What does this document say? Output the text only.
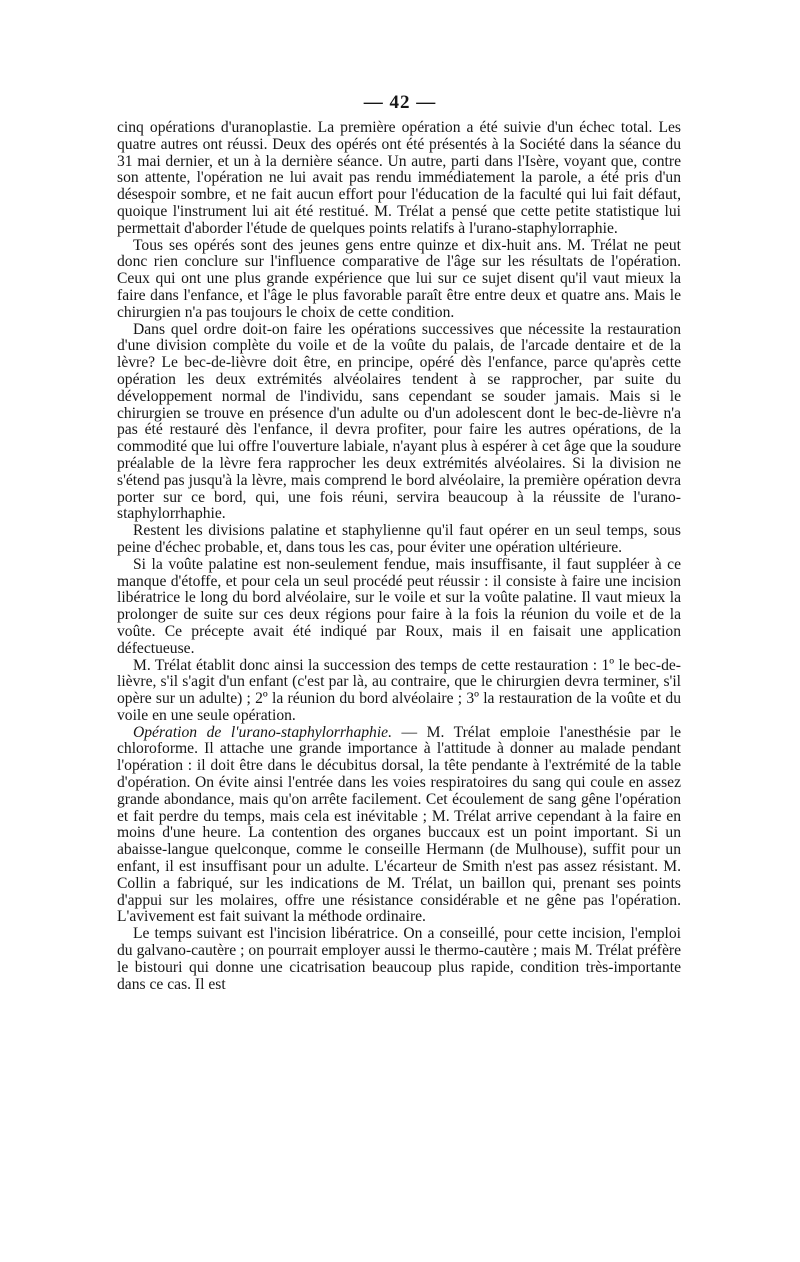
— 42 —

cinq opérations d'uranoplastie. La première opération a été suivie d'un échec total. Les quatre autres ont réussi. Deux des opérés ont été présentés à la Société dans la séance du 31 mai dernier, et un à la dernière séance. Un autre, parti dans l'Isère, voyant que, contre son attente, l'opération ne lui avait pas rendu immédiatement la parole, a été pris d'un désespoir sombre, et ne fait aucun effort pour l'éducation de la faculté qui lui fait défaut, quoique l'instrument lui ait été restitué. M. Trélat a pensé que cette petite statistique lui permettait d'aborder l'étude de quelques points relatifs à l'urano-staphylorraphie.

Tous ses opérés sont des jeunes gens entre quinze et dix-huit ans. M. Trélat ne peut donc rien conclure sur l'influence comparative de l'âge sur les résultats de l'opération. Ceux qui ont une plus grande expérience que lui sur ce sujet disent qu'il vaut mieux la faire dans l'enfance, et l'âge le plus favorable paraît être entre deux et quatre ans. Mais le chirurgien n'a pas toujours le choix de cette condition.

Dans quel ordre doit-on faire les opérations successives que nécessite la restauration d'une division complète du voile et de la voûte du palais, de l'arcade dentaire et de la lèvre? Le bec-de-lièvre doit être, en principe, opéré dès l'enfance, parce qu'après cette opération les deux extrémités alvéolaires tendent à se rapprocher, par suite du développement normal de l'individu, sans cependant se souder jamais. Mais si le chirurgien se trouve en présence d'un adulte ou d'un adolescent dont le bec-de-lièvre n'a pas été restauré dès l'enfance, il devra profiter, pour faire les autres opérations, de la commodité que lui offre l'ouverture labiale, n'ayant plus à espérer à cet âge que la soudure préalable de la lèvre fera rapprocher les deux extrémités alvéolaires. Si la division ne s'étend pas jusqu'à la lèvre, mais comprend le bord alvéolaire, la première opération devra porter sur ce bord, qui, une fois réuni, servira beaucoup à la réussite de l'urano-staphylorrhaphie.

Restent les divisions palatine et staphylienne qu'il faut opérer en un seul temps, sous peine d'échec probable, et, dans tous les cas, pour éviter une opération ultérieure.

Si la voûte palatine est non-seulement fendue, mais insuffisante, il faut suppléer à ce manque d'étoffe, et pour cela un seul procédé peut réussir : il consiste à faire une incision libératrice le long du bord alvéolaire, sur le voile et sur la voûte palatine. Il vaut mieux la prolonger de suite sur ces deux régions pour faire à la fois la réunion du voile et de la voûte. Ce précepte avait été indiqué par Roux, mais il en faisait une application défectueuse.

M. Trélat établit donc ainsi la succession des temps de cette restauration : 1º le bec-de-lièvre, s'il s'agit d'un enfant (c'est par là, au contraire, que le chirurgien devra terminer, s'il opère sur un adulte) ; 2º la réunion du bord alvéolaire ; 3º la restauration de la voûte et du voile en une seule opération.

Opération de l'urano-staphylorrhaphie. — M. Trélat emploie l'anesthésie par le chloroforme. Il attache une grande importance à l'attitude à donner au malade pendant l'opération : il doit être dans le décubitus dorsal, la tête pendante à l'extrémité de la table d'opération. On évite ainsi l'entrée dans les voies respiratoires du sang qui coule en assez grande abondance, mais qu'on arrête facilement. Cet écoulement de sang gêne l'opération et fait perdre du temps, mais cela est inévitable ; M. Trélat arrive cependant à la faire en moins d'une heure. La contention des organes buccaux est un point important. Si un abaisse-langue quelconque, comme le conseille Hermann (de Mulhouse), suffit pour un enfant, il est insuffisant pour un adulte. L'écarteur de Smith n'est pas assez résistant. M. Collin a fabriqué, sur les indications de M. Trélat, un baillon qui, prenant ses points d'appui sur les molaires, offre une résistance considérable et ne gêne pas l'opération. L'avivement est fait suivant la méthode ordinaire.

Le temps suivant est l'incision libératrice. On a conseillé, pour cette incision, l'emploi du galvano-cautère ; on pourrait employer aussi le thermo-cautère ; mais M. Trélat préfère le bistouri qui donne une cicatrisation beaucoup plus rapide, condition très-importante dans ce cas. Il est
